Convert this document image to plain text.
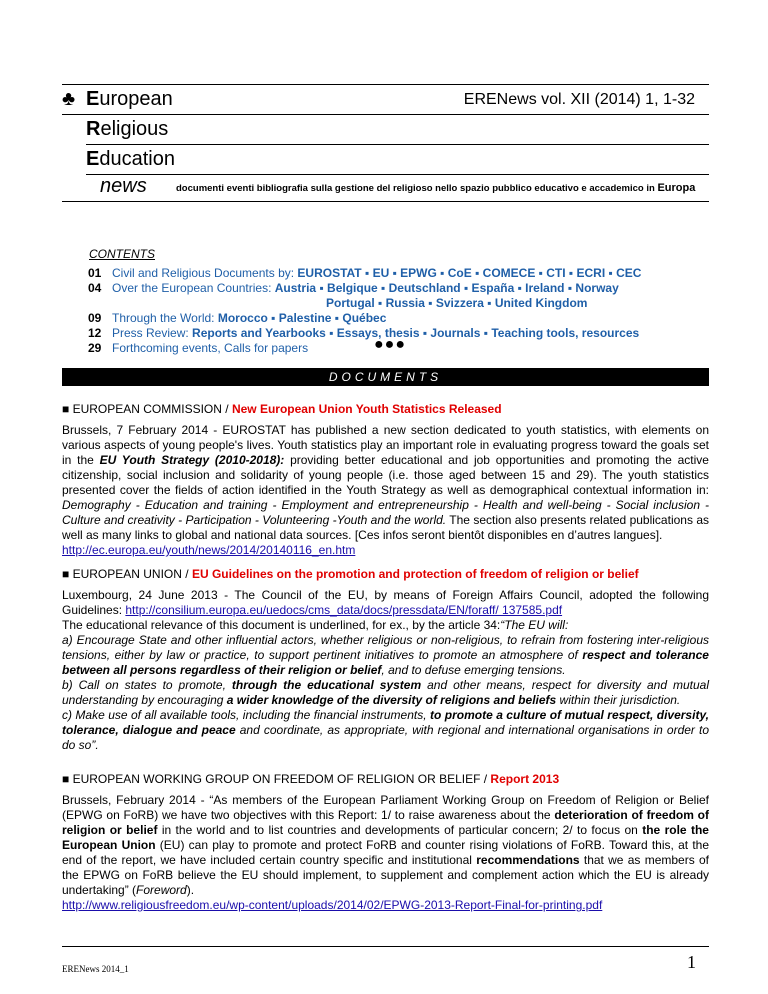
♣ European	ERENews vol. XII (2014) 1, 1-32
Religious
Education
news	documenti eventi bibliografia sulla gestione del religioso nello spazio pubblico educativo e accademico in Europa
CONTENTS
01 Civil and Religious Documents by: EUROSTAT ▪ EU ▪ EPWG ▪ CoE ▪ COMECE ▪ CTI ▪ ECRI ▪ CEC
04 Over the European Countries: Austria ▪ Belgique ▪ Deutschland ▪ España ▪ Ireland ▪ Norway
Portugal ▪ Russia ▪ Svizzera ▪ United Kingdom
09 Through the World: Morocco ▪ Palestine ▪ Québec
12 Press Review: Reports and Yearbooks ▪ Essays, thesis ▪ Journals ▪ Teaching tools, resources
29 Forthcoming events, Calls for papers	●●●
DOCUMENTS
■ EUROPEAN COMMISSION / New European Union Youth Statistics Released
Brussels, 7 February 2014 - EUROSTAT has published a new section dedicated to youth statistics, with elements on various aspects of young people's lives. Youth statistics play an important role in evaluating progress toward the goals set in the EU Youth Strategy (2010-2018): providing better educational and job opportunities and promoting the active citizenship, social inclusion and solidarity of young people (i.e. those aged between 15 and 29). The youth statistics presented cover the fields of action identified in the Youth Strategy as well as demographical contextual information in: Demography - Education and training - Employment and entrepreneurship - Health and well-being - Social inclusion - Culture and creativity - Participation - Volunteering -Youth and the world. The section also presents related publications as well as many links to global and national data sources. [Ces infos seront bientôt disponibles en d’autres langues].
http://ec.europa.eu/youth/news/2014/20140116_en.htm
■ EUROPEAN UNION / EU Guidelines on the promotion and protection of freedom of religion or belief
Luxembourg, 24 June 2013 - The Council of the EU, by means of Foreign Affairs Council, adopted the following Guidelines: http://consilium.europa.eu/uedocs/cms_data/docs/pressdata/EN/foraff/ 137585.pdf
The educational relevance of this document is underlined, for ex., by the article 34:“The EU will:
a) Encourage State and other influential actors, whether religious or non-religious, to refrain from fostering inter-religious tensions, either by law or practice, to support pertinent initiatives to promote an atmosphere of respect and tolerance between all persons regardless of their religion or belief, and to defuse emerging tensions.
b) Call on states to promote, through the educational system and other means, respect for diversity and mutual understanding by encouraging a wider knowledge of the diversity of religions and beliefs within their jurisdiction.
c) Make use of all available tools, including the financial instruments, to promote a culture of mutual respect, diversity, tolerance, dialogue and peace and coordinate, as appropriate, with regional and international organisations in order to do so”.
■ EUROPEAN WORKING GROUP ON FREEDOM OF RELIGION OR BELIEF / Report 2013
Brussels, February 2014 - “As members of the European Parliament Working Group on Freedom of Religion or Belief (EPWG on FoRB) we have two objectives with this Report: 1/ to raise awareness about the deterioration of freedom of religion or belief in the world and to list countries and developments of particular concern; 2/ to focus on the role the European Union (EU) can play to promote and protect FoRB and counter rising violations of FoRB. Toward this, at the end of the report, we have included certain country specific and institutional recommendations that we as members of the EPWG on FoRB believe the EU should implement, to supplement and complement action which the EU is already undertaking” (Foreword).
http://www.religiousfreedom.eu/wp-content/uploads/2014/02/EPWG-2013-Report-Final-for-printing.pdf
ERENews 2014_1	1
